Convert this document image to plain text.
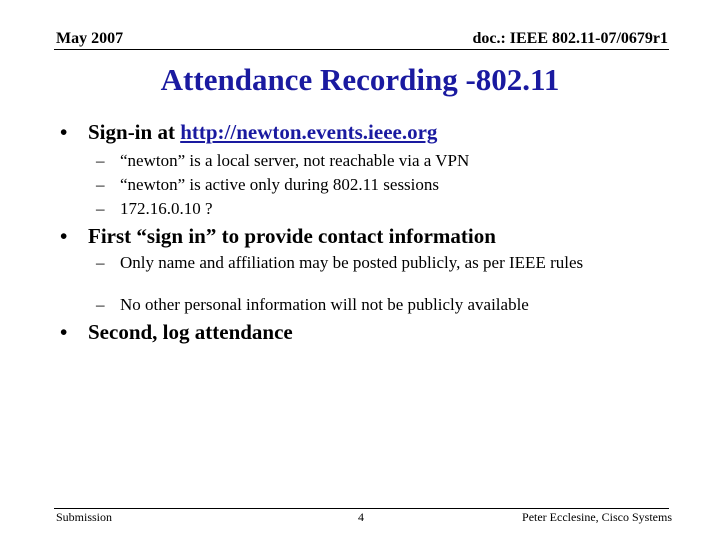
May 2007	doc.: IEEE 802.11-07/0679r1
Attendance Recording -802.11
• Sign-in at http://newton.events.ieee.org
– “newton” is a local server, not reachable via a VPN
– “newton” is active only during 802.11 sessions
– 172.16.0.10 ?
• First “sign in” to provide contact information
– Only name and affiliation may be posted publicly, as per IEEE rules
– No other personal information will not be publicly available
• Second, log attendance
Submission	4	Peter Ecclesine, Cisco Systems
